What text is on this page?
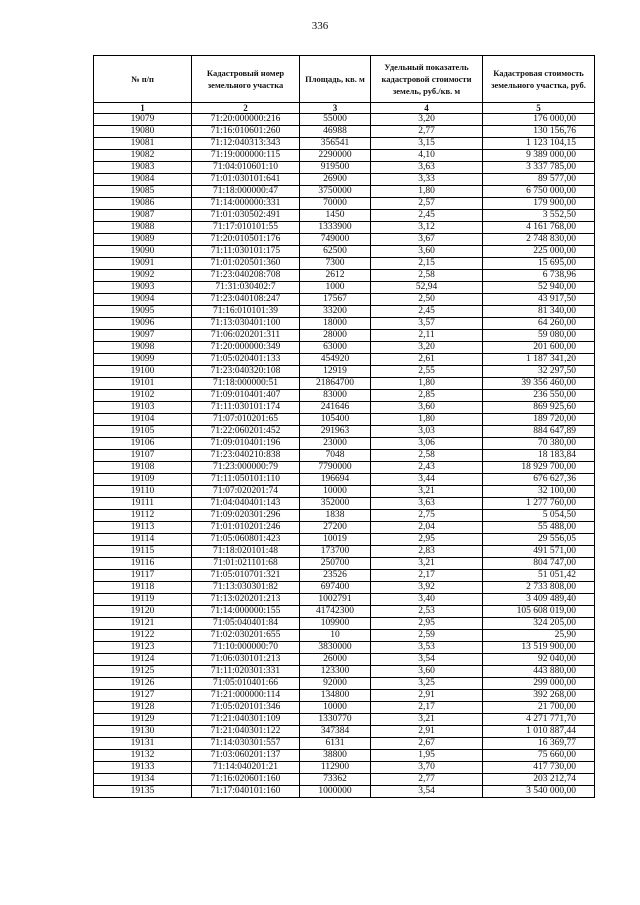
336
№ п/п	Кадастровый номер земельного участка	Площадь, кв. м	Удельный показатель кадастровой стоимости земель, руб./кв. м	Кадастровая стоимость земельного участка, руб.
1	2	3	4	5
19079	71:20:000000:216	55000	3,20	176 000,00
19080	71:16:010601:260	46988	2,77	130 156,76
19081	71:12:040313:343	356541	3,15	1 123 104,15
19082	71:19:000000:115	2290000	4,10	9 389 000,00
19083	71:04:010601:10	919500	3,63	3 337 785,00
19084	71:01:030101:641	26900	3,33	89 577,00
19085	71:18:000000:47	3750000	1,80	6 750 000,00
19086	71:14:000000:331	70000	2,57	179 900,00
19087	71:01:030502:491	1450	2,45	3 552,50
19088	71:17:010101:55	1333900	3,12	4 161 768,00
19089	71:20:010501:176	749000	3,67	2 748 830,00
19090	71:11:030101:175	62500	3,60	225 000,00
19091	71:01:020501:360	7300	2,15	15 695,00
19092	71:23:040208:708	2612	2,58	6 738,96
19093	71:31:030402:7	1000	52,94	52 940,00
19094	71:23:040108:247	17567	2,50	43 917,50
19095	71:16:010101:39	33200	2,45	81 340,00
19096	71:13:030401:100	18000	3,57	64 260,00
19097	71:06:020201:311	28000	2,11	59 080,00
19098	71:20:000000:349	63000	3,20	201 600,00
19099	71:05:020401:133	454920	2,61	1 187 341,20
19100	71:23:040320:108	12919	2,55	32 297,50
19101	71:18:000000:51	21864700	1,80	39 356 460,00
19102	71:09:010401:407	83000	2,85	236 550,00
19103	71:11:030101:174	241646	3,60	869 925,60
19104	71:07:010201:65	105400	1,80	189 720,00
19105	71:22:060201:452	291963	3,03	884 647,89
19106	71:09:010401:196	23000	3,06	70 380,00
19107	71:23:040210:838	7048	2,58	18 183,84
19108	71:23:000000:79	7790000	2,43	18 929 700,00
19109	71:11:050101:110	196694	3,44	676 627,36
19110	71:07:020201:74	10000	3,21	32 100,00
19111	71:04:040401:143	352000	3,63	1 277 760,00
19112	71:09:020301:296	1838	2,75	5 054,50
19113	71:01:010201:246	27200	2,04	55 488,00
19114	71:05:060801:423	10019	2,95	29 556,05
19115	71:18:020101:48	173700	2,83	491 571,00
19116	71:01:021101:68	250700	3,21	804 747,00
19117	71:05:010701:321	23526	2,17	51 051,42
19118	71:13:030301:82	697400	3,92	2 733 808,00
19119	71:13:020201:213	1002791	3,40	3 409 489,40
19120	71:14:000000:155	41742300	2,53	105 608 019,00
19121	71:05:040401:84	109900	2,95	324 205,00
19122	71:02:030201:655	10	2,59	25,90
19123	71:10:000000:70	3830000	3,53	13 519 900,00
19124	71:06:030101:213	26000	3,54	92 040,00
19125	71:11:020301:331	123300	3,60	443 880,00
19126	71:05:010401:66	92000	3,25	299 000,00
19127	71:21:000000:114	134800	2,91	392 268,00
19128	71:05:020101:346	10000	2,17	21 700,00
19129	71:21:040301:109	1330770	3,21	4 271 771,70
19130	71:21:040301:122	347384	2,91	1 010 887,44
19131	71:14:030301:557	6131	2,67	16 369,77
19132	71:03:060201:137	38800	1,95	75 660,00
19133	71:14:040201:21	112900	3,70	417 730,00
19134	71:16:020601:160	73362	2,77	203 212,74
19135	71:17:040101:160	1000000	3,54	3 540 000,00
